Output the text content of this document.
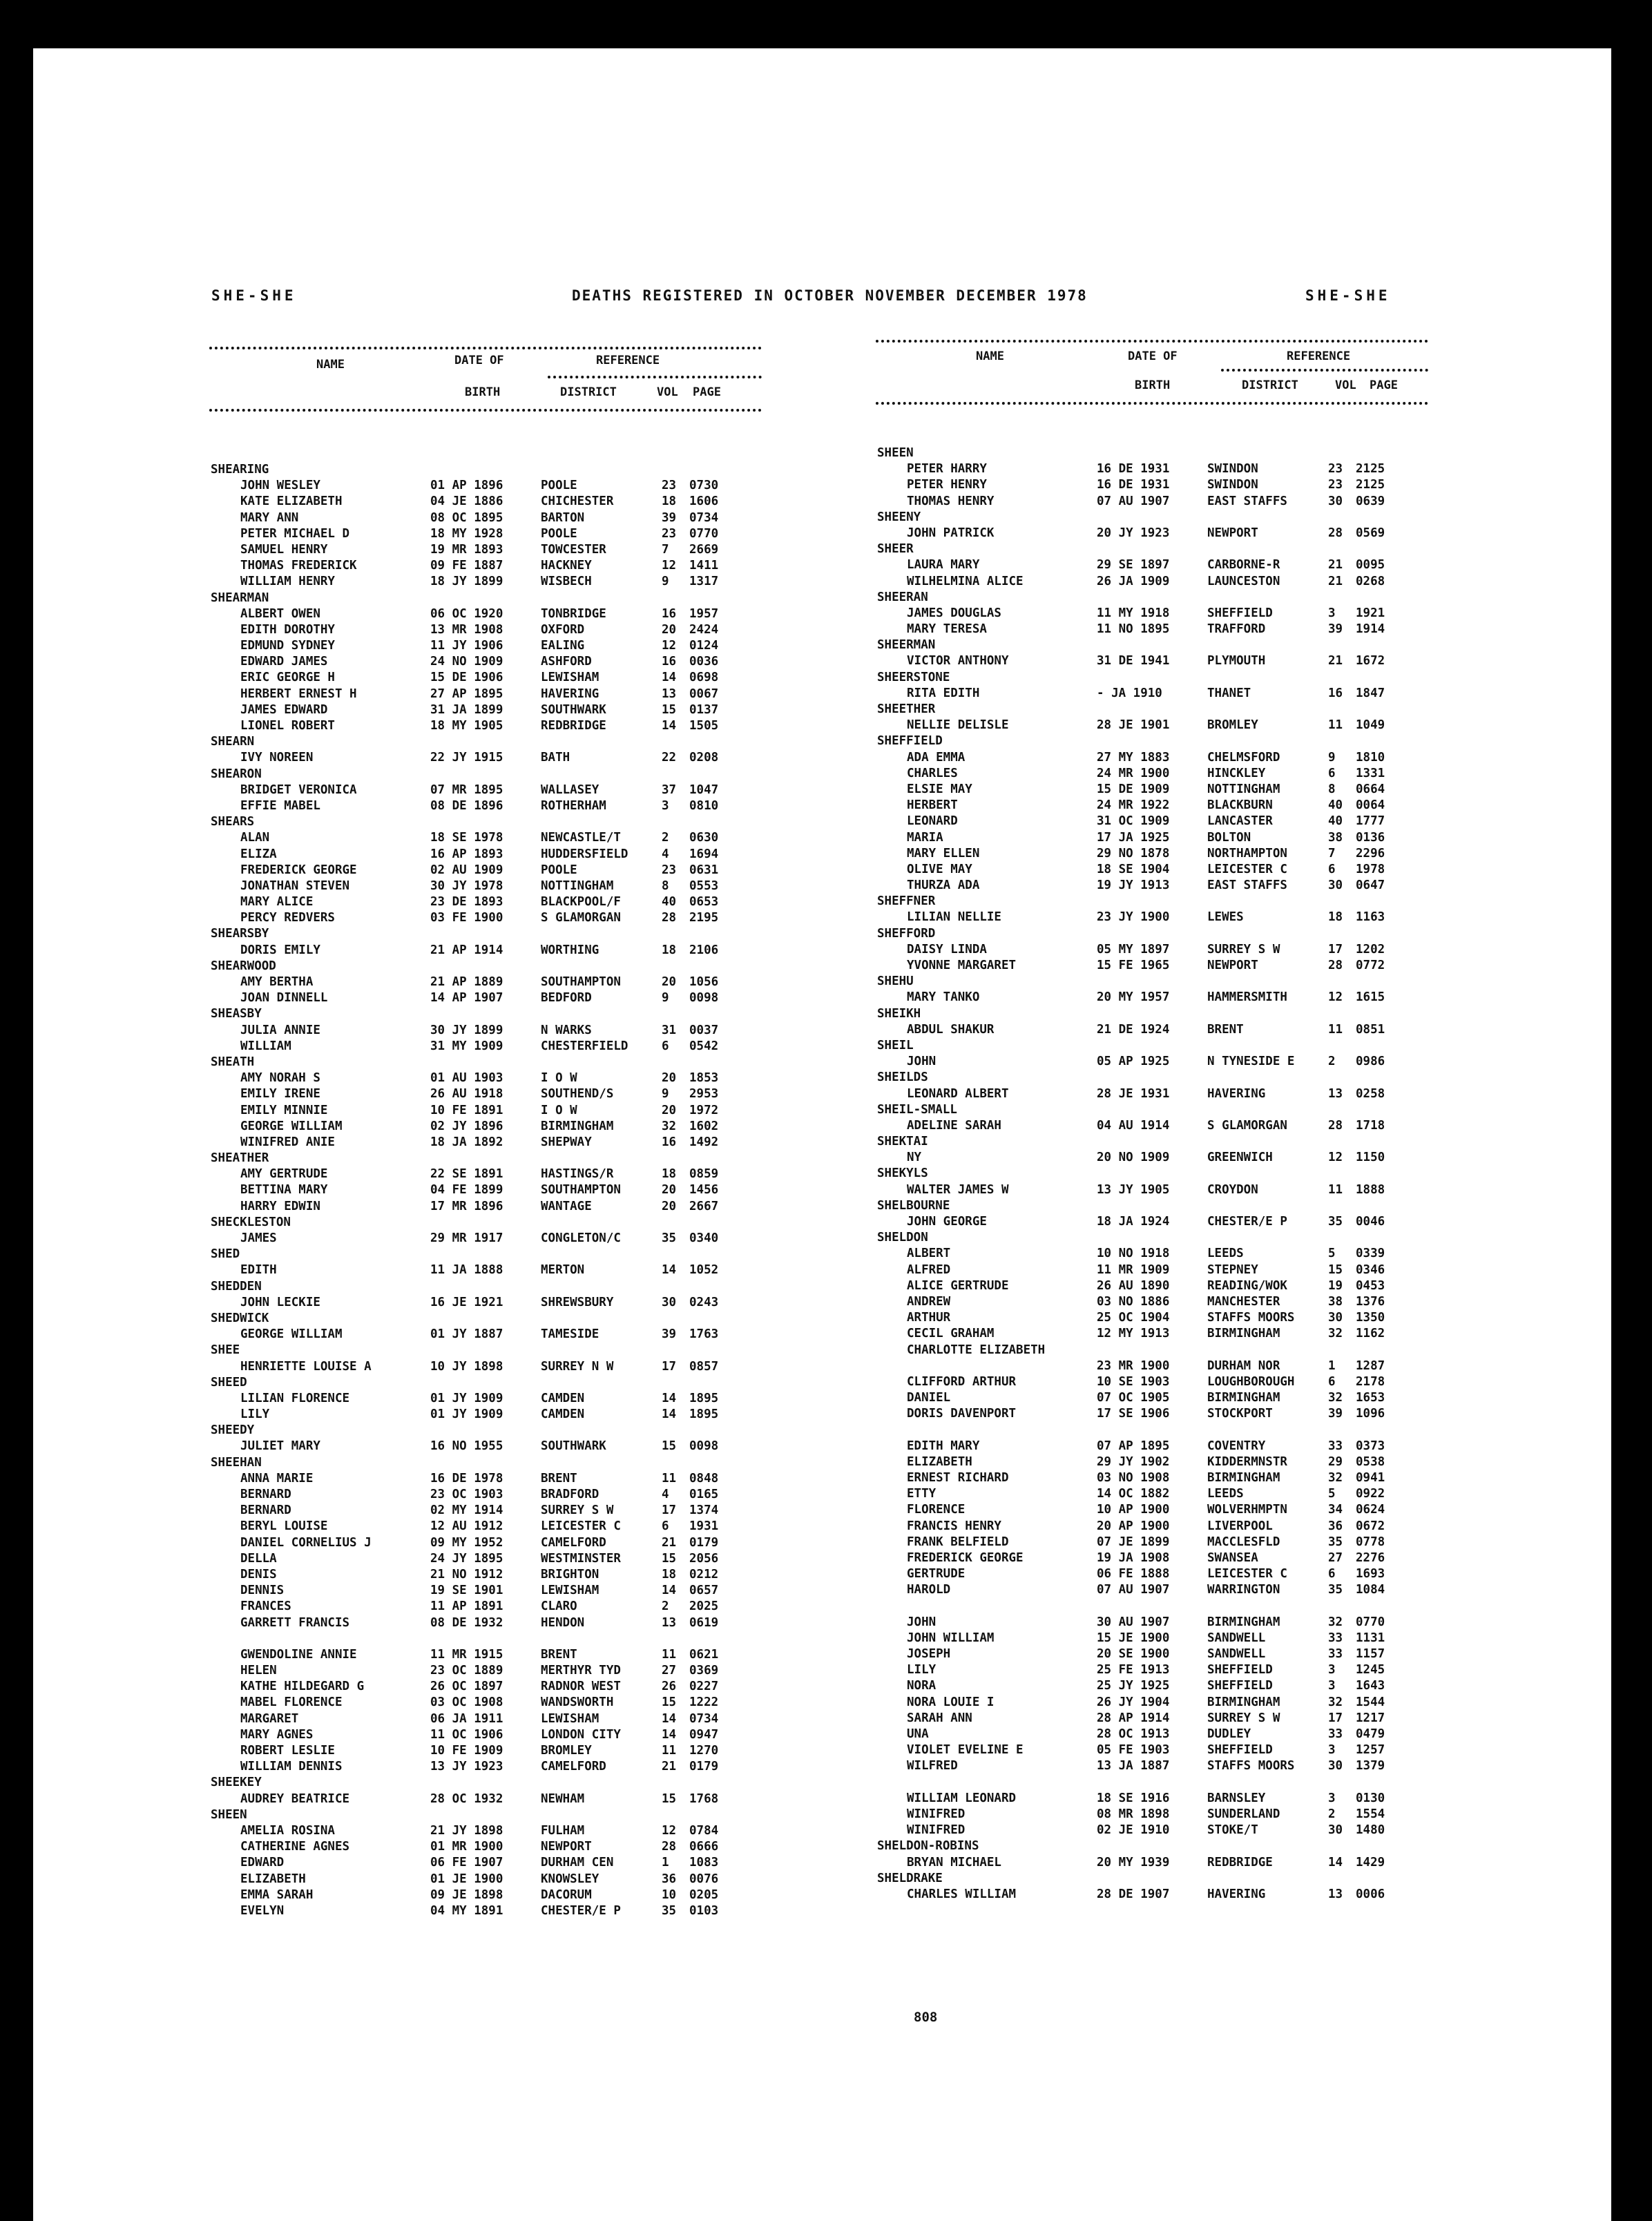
SHE-SHE	DEATHS REGISTERED IN OCTOBER NOVEMBER DECEMBER 1978	SHE-SHE
NAME	DATE OF	REFERENCE
BIRTH	DISTRICT	VOL PAGE
SHEARING
JOHN WESLEY	01 AP 1896	POOLE	23 0730
KATE ELIZABETH	04 JE 1886	CHICHESTER	18 1606
MARY ANN	08 OC 1895	BARTON	39 0734
PETER MICHAEL D	18 MY 1928	POOLE	23 0770
SAMUEL HENRY	19 MR 1893	TOWCESTER	7 2669
THOMAS FREDERICK	09 FE 1887	HACKNEY	12 1411
WILLIAM HENRY	18 JY 1899	WISBECH	9 1317
SHEARMAN
ALBERT OWEN	06 OC 1920	TONBRIDGE	16 1957
EDITH DOROTHY	13 MR 1908	OXFORD	20 2424
EDMUND SYDNEY	11 JY 1906	EALING	12 0124
EDWARD JAMES	24 NO 1909	ASHFORD	16 0036
ERIC GEORGE H	15 DE 1906	LEWISHAM	14 0698
HERBERT ERNEST H	27 AP 1895	HAVERING	13 0067
JAMES EDWARD	31 JA 1899	SOUTHWARK	15 0137
LIONEL ROBERT	18 MY 1905	REDBRIDGE	14 1505
SHEARN
IVY NOREEN	22 JY 1915	BATH	22 0208
SHEARON
BRIDGET VERONICA	07 MR 1895	WALLASEY	37 1047
EFFIE MABEL	08 DE 1896	ROTHERHAM	3 0810
SHEARS
ALAN	18 SE 1978	NEWCASTLE/T	2 0630
ELIZA	16 AP 1893	HUDDERSFIELD	4 1694
FREDERICK GEORGE	02 AU 1909	POOLE	23 0631
JONATHAN STEVEN	30 JY 1978	NOTTINGHAM	8 0553
MARY ALICE	23 DE 1893	BLACKPOOL/F	40 0653
PERCY REDVERS	03 FE 1900	S GLAMORGAN	28 2195
SHEARSBY
DORIS EMILY	21 AP 1914	WORTHING	18 2106
SHEARWOOD
AMY BERTHA	21 AP 1889	SOUTHAMPTON	20 1056
JOAN DINNELL	14 AP 1907	BEDFORD	9 0098
SHEASBY
JULIA ANNIE	30 JY 1899	N WARKS	31 0037
WILLIAM	31 MY 1909	CHESTERFIELD	6 0542
SHEATH
AMY NORAH S	01 AU 1903	I O W	20 1853
EMILY IRENE	26 AU 1918	SOUTHEND/S	9 2953
EMILY MINNIE	10 FE 1891	I O W	20 1972
GEORGE WILLIAM	02 JY 1896	BIRMINGHAM	32 1602
WINIFRED ANIE	18 JA 1892	SHEPWAY	16 1492
SHEATHER
AMY GERTRUDE	22 SE 1891	HASTINGS/R	18 0859
BETTINA MARY	04 FE 1899	SOUTHAMPTON	20 1456
HARRY EDWIN	17 MR 1896	WANTAGE	20 2667
SHECKLESTON
JAMES	29 MR 1917	CONGLETON/C	35 0340
SHED
EDITH	11 JA 1888	MERTON	14 1052
SHEDDEN
JOHN LECKIE	16 JE 1921	SHREWSBURY	30 0243
SHEDWICK
GEORGE WILLIAM	01 JY 1887	TAMESIDE	39 1763
SHEE
HENRIETTE LOUISE A	10 JY 1898	SURREY N W	17 0857
SHEED
LILIAN FLORENCE	01 JY 1909	CAMDEN	14 1895
LILY	01 JY 1909	CAMDEN	14 1895
SHEEDY
JULIET MARY	16 NO 1955	SOUTHWARK	15 0098
SHEEHAN
ANNA MARIE	16 DE 1978	BRENT	11 0848
BERNARD	23 OC 1903	BRADFORD	4 0165
BERNARD	02 MY 1914	SURREY S W	17 1374
BERYL LOUISE	12 AU 1912	LEICESTER C	6 1931
DANIEL CORNELIUS J	09 MY 1952	CAMELFORD	21 0179
DELLA	24 JY 1895	WESTMINSTER	15 2056
DENIS	21 NO 1912	BRIGHTON	18 0212
DENNIS	19 SE 1901	LEWISHAM	14 0657
FRANCES	11 AP 1891	CLARO	2 2025
GARRETT FRANCIS	08 DE 1932	HENDON	13 0619
GWENDOLINE ANNIE	11 MR 1915	BRENT	11 0621
HELEN	23 OC 1889	MERTHYR TYD	27 0369
KATHE HILDEGARD G	26 OC 1897	RADNOR WEST	26 0227
MABEL FLORENCE	03 OC 1908	WANDSWORTH	15 1222
MARGARET	06 JA 1911	LEWISHAM	14 0734
MARY AGNES	11 OC 1906	LONDON CITY	14 0947
ROBERT LESLIE	10 FE 1909	BROMLEY	11 1270
WILLIAM DENNIS	13 JY 1923	CAMELFORD	21 0179
SHEEKEY
AUDREY BEATRICE	28 OC 1932	NEWHAM	15 1768
SHEEN
AMELIA ROSINA	21 JY 1898	FULHAM	12 0784
CATHERINE AGNES	01 MR 1900	NEWPORT	28 0666
EDWARD	06 FE 1907	DURHAM CEN	1 1083
ELIZABETH	01 JE 1900	KNOWSLEY	36 0076
EMMA SARAH	09 JE 1898	DACORUM	10 0205
EVELYN	04 MY 1891	CHESTER/E P	35 0103
NAME	DATE OF	REFERENCE
BIRTH	DISTRICT	VOL PAGE
SHEEN
PETER HARRY	16 DE 1931	SWINDON	23 2125
PETER HENRY	16 DE 1931	SWINDON	23 2125
THOMAS HENRY	07 AU 1907	EAST STAFFS	30 0639
SHEENY
JOHN PATRICK	20 JY 1923	NEWPORT	28 0569
SHEER
LAURA MARY	29 SE 1897	CARBORNE-R	21 0095
WILHELMINA ALICE	26 JA 1909	LAUNCESTON	21 0268
SHEERAN
JAMES DOUGLAS	11 MY 1918	SHEFFIELD	3 1921
MARY TERESA	11 NO 1895	TRAFFORD	39 1914
SHEERMAN
VICTOR ANTHONY	31 DE 1941	PLYMOUTH	21 1672
SHEERSTONE
RITA EDITH	- JA 1910	THANET	16 1847
SHEETHER
NELLIE DELISLE	28 JE 1901	BROMLEY	11 1049
SHEFFIELD
ADA EMMA	27 MY 1883	CHELMSFORD	9 1810
CHARLES	24 MR 1900	HINCKLEY	6 1331
ELSIE MAY	15 DE 1909	NOTTINGHAM	8 0664
HERBERT	24 MR 1922	BLACKBURN	40 0064
LEONARD	31 OC 1909	LANCASTER	40 1777
MARIA	17 JA 1925	BOLTON	38 0136
MARY ELLEN	29 NO 1878	NORTHAMPTON	7 2296
OLIVE MAY	18 SE 1904	LEICESTER C	6 1978
THURZA ADA	19 JY 1913	EAST STAFFS	30 0647
SHEFFNER
LILIAN NELLIE	23 JY 1900	LEWES	18 1163
SHEFFORD
DAISY LINDA	05 MY 1897	SURREY S W	17 1202
YVONNE MARGARET	15 FE 1965	NEWPORT	28 0772
SHEHU
MARY TANKO	20 MY 1957	HAMMERSMITH	12 1615
SHEIKH
ABDUL SHAKUR	21 DE 1924	BRENT	11 0851
SHEIL
JOHN	05 AP 1925	N TYNESIDE E	2 0986
SHEILDS
LEONARD ALBERT	28 JE 1931	HAVERING	13 0258
SHEIL-SMALL
ADELINE SARAH	04 AU 1914	S GLAMORGAN	28 1718
SHEKTAI
NY	20 NO 1909	GREENWICH	12 1150
SHEKYLS
WALTER JAMES W	13 JY 1905	CROYDON	11 1888
SHELBOURNE
JOHN GEORGE	18 JA 1924	CHESTER/E P	35 0046
SHELDON
ALBERT	10 NO 1918	LEEDS	5 0339
ALFRED	11 MR 1909	STEPNEY	15 0346
ALICE GERTRUDE	26 AU 1890	READING/WOK	19 0453
ANDREW	03 NO 1886	MANCHESTER	38 1376
ARTHUR	25 OC 1904	STAFFS MOORS	30 1350
CECIL GRAHAM	12 MY 1913	BIRMINGHAM	32 1162
CHARLOTTE ELIZABETH
23 MR 1900	DURHAM NOR	1 1287
CLIFFORD ARTHUR	10 SE 1903	LOUGHBOROUGH	6 2178
DANIEL	07 OC 1905	BIRMINGHAM	32 1653
DORIS DAVENPORT	17 SE 1906	STOCKPORT	39 1096
EDITH MARY	07 AP 1895	COVENTRY	33 0373
ELIZABETH	29 JY 1902	KIDDERMNSTR	29 0538
ERNEST RICHARD	03 NO 1908	BIRMINGHAM	32 0941
ETTY	14 OC 1882	LEEDS	5 0922
FLORENCE	10 AP 1900	WOLVERHMPTN	34 0624
FRANCIS HENRY	20 AP 1900	LIVERPOOL	36 0672
FRANK BELFIELD	07 JE 1899	MACCLESFLD	35 0778
FREDERICK GEORGE	19 JA 1908	SWANSEA	27 2276
GERTRUDE	06 FE 1888	LEICESTER C	6 1693
HAROLD	07 AU 1907	WARRINGTON	35 1084
JOHN	30 AU 1907	BIRMINGHAM	32 0770
JOHN WILLIAM	15 JE 1900	SANDWELL	33 1131
JOSEPH	20 SE 1900	SANDWELL	33 1157
LILY	25 FE 1913	SHEFFIELD	3 1245
NORA	25 JY 1925	SHEFFIELD	3 1643
NORA LOUIE I	26 JY 1904	BIRMINGHAM	32 1544
SARAH ANN	28 AP 1914	SURREY S W	17 1217
UNA	28 OC 1913	DUDLEY	33 0479
VIOLET EVELINE E	05 FE 1903	SHEFFIELD	3 1257
WILFRED	13 JA 1887	STAFFS MOORS	30 1379
WILLIAM LEONARD	18 SE 1916	BARNSLEY	3 0130
WINIFRED	08 MR 1898	SUNDERLAND	2 1554
WINIFRED	02 JE 1910	STOKE/T	30 1480
SHELDON-ROBINS
BRYAN MICHAEL	20 MY 1939	REDBRIDGE	14 1429
SHELDRAKE
CHARLES WILLIAM	28 DE 1907	HAVERING	13 0006
808
